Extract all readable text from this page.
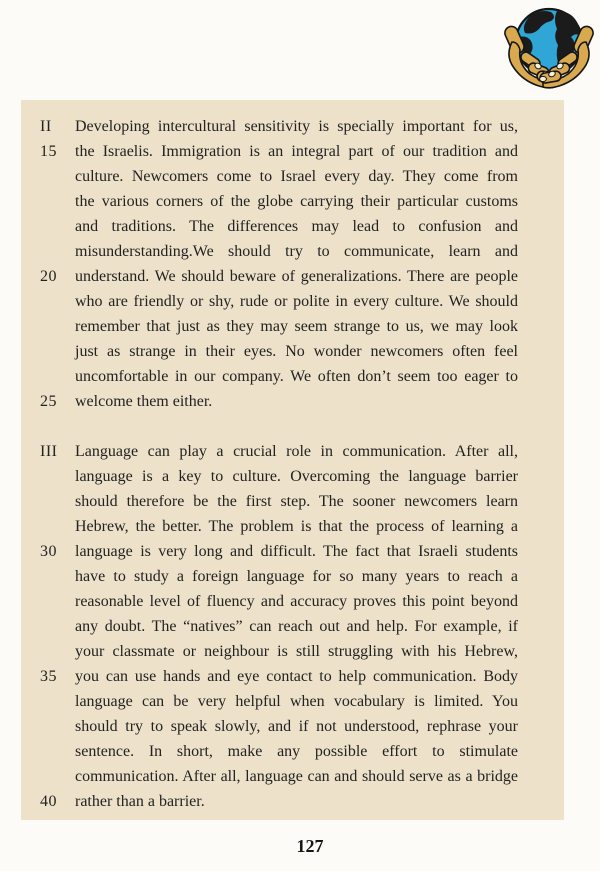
II	Developing intercultural sensitivity is specially important for us,
15	the Israelis. Immigration is an integral part of our tradition and
culture. Newcomers come to Israel every day. They come from
the various corners of the globe carrying their particular customs
and traditions. The differences may lead to confusion and
misunderstanding.We should try to communicate, learn and
20	understand. We should beware of generalizations. There are people
who are friendly or shy, rude or polite in every culture. We should
remember that just as they may seem strange to us, we may look
just as strange in their eyes. No wonder newcomers often feel
uncomfortable in our company. We often don’t seem too eager to
25	welcome them either.
III	Language can play a crucial role in communication. After all,
language is a key to culture. Overcoming the language barrier
should therefore be the first step. The sooner newcomers learn
Hebrew, the better. The problem is that the process of learning a
30	language is very long and difficult. The fact that Israeli students
have to study a foreign language for so many years to reach a
reasonable level of fluency and accuracy proves this point beyond
any doubt. The “natives” can reach out and help. For example, if
your classmate or neighbour is still struggling with his Hebrew,
35	you can use hands and eye contact to help communication. Body
language can be very helpful when vocabulary is limited. You
should try to speak slowly, and if not understood, rephrase your
sentence. In short, make any possible effort to stimulate
communication. After all, language can and should serve as a bridge
40	rather than a barrier.
127
